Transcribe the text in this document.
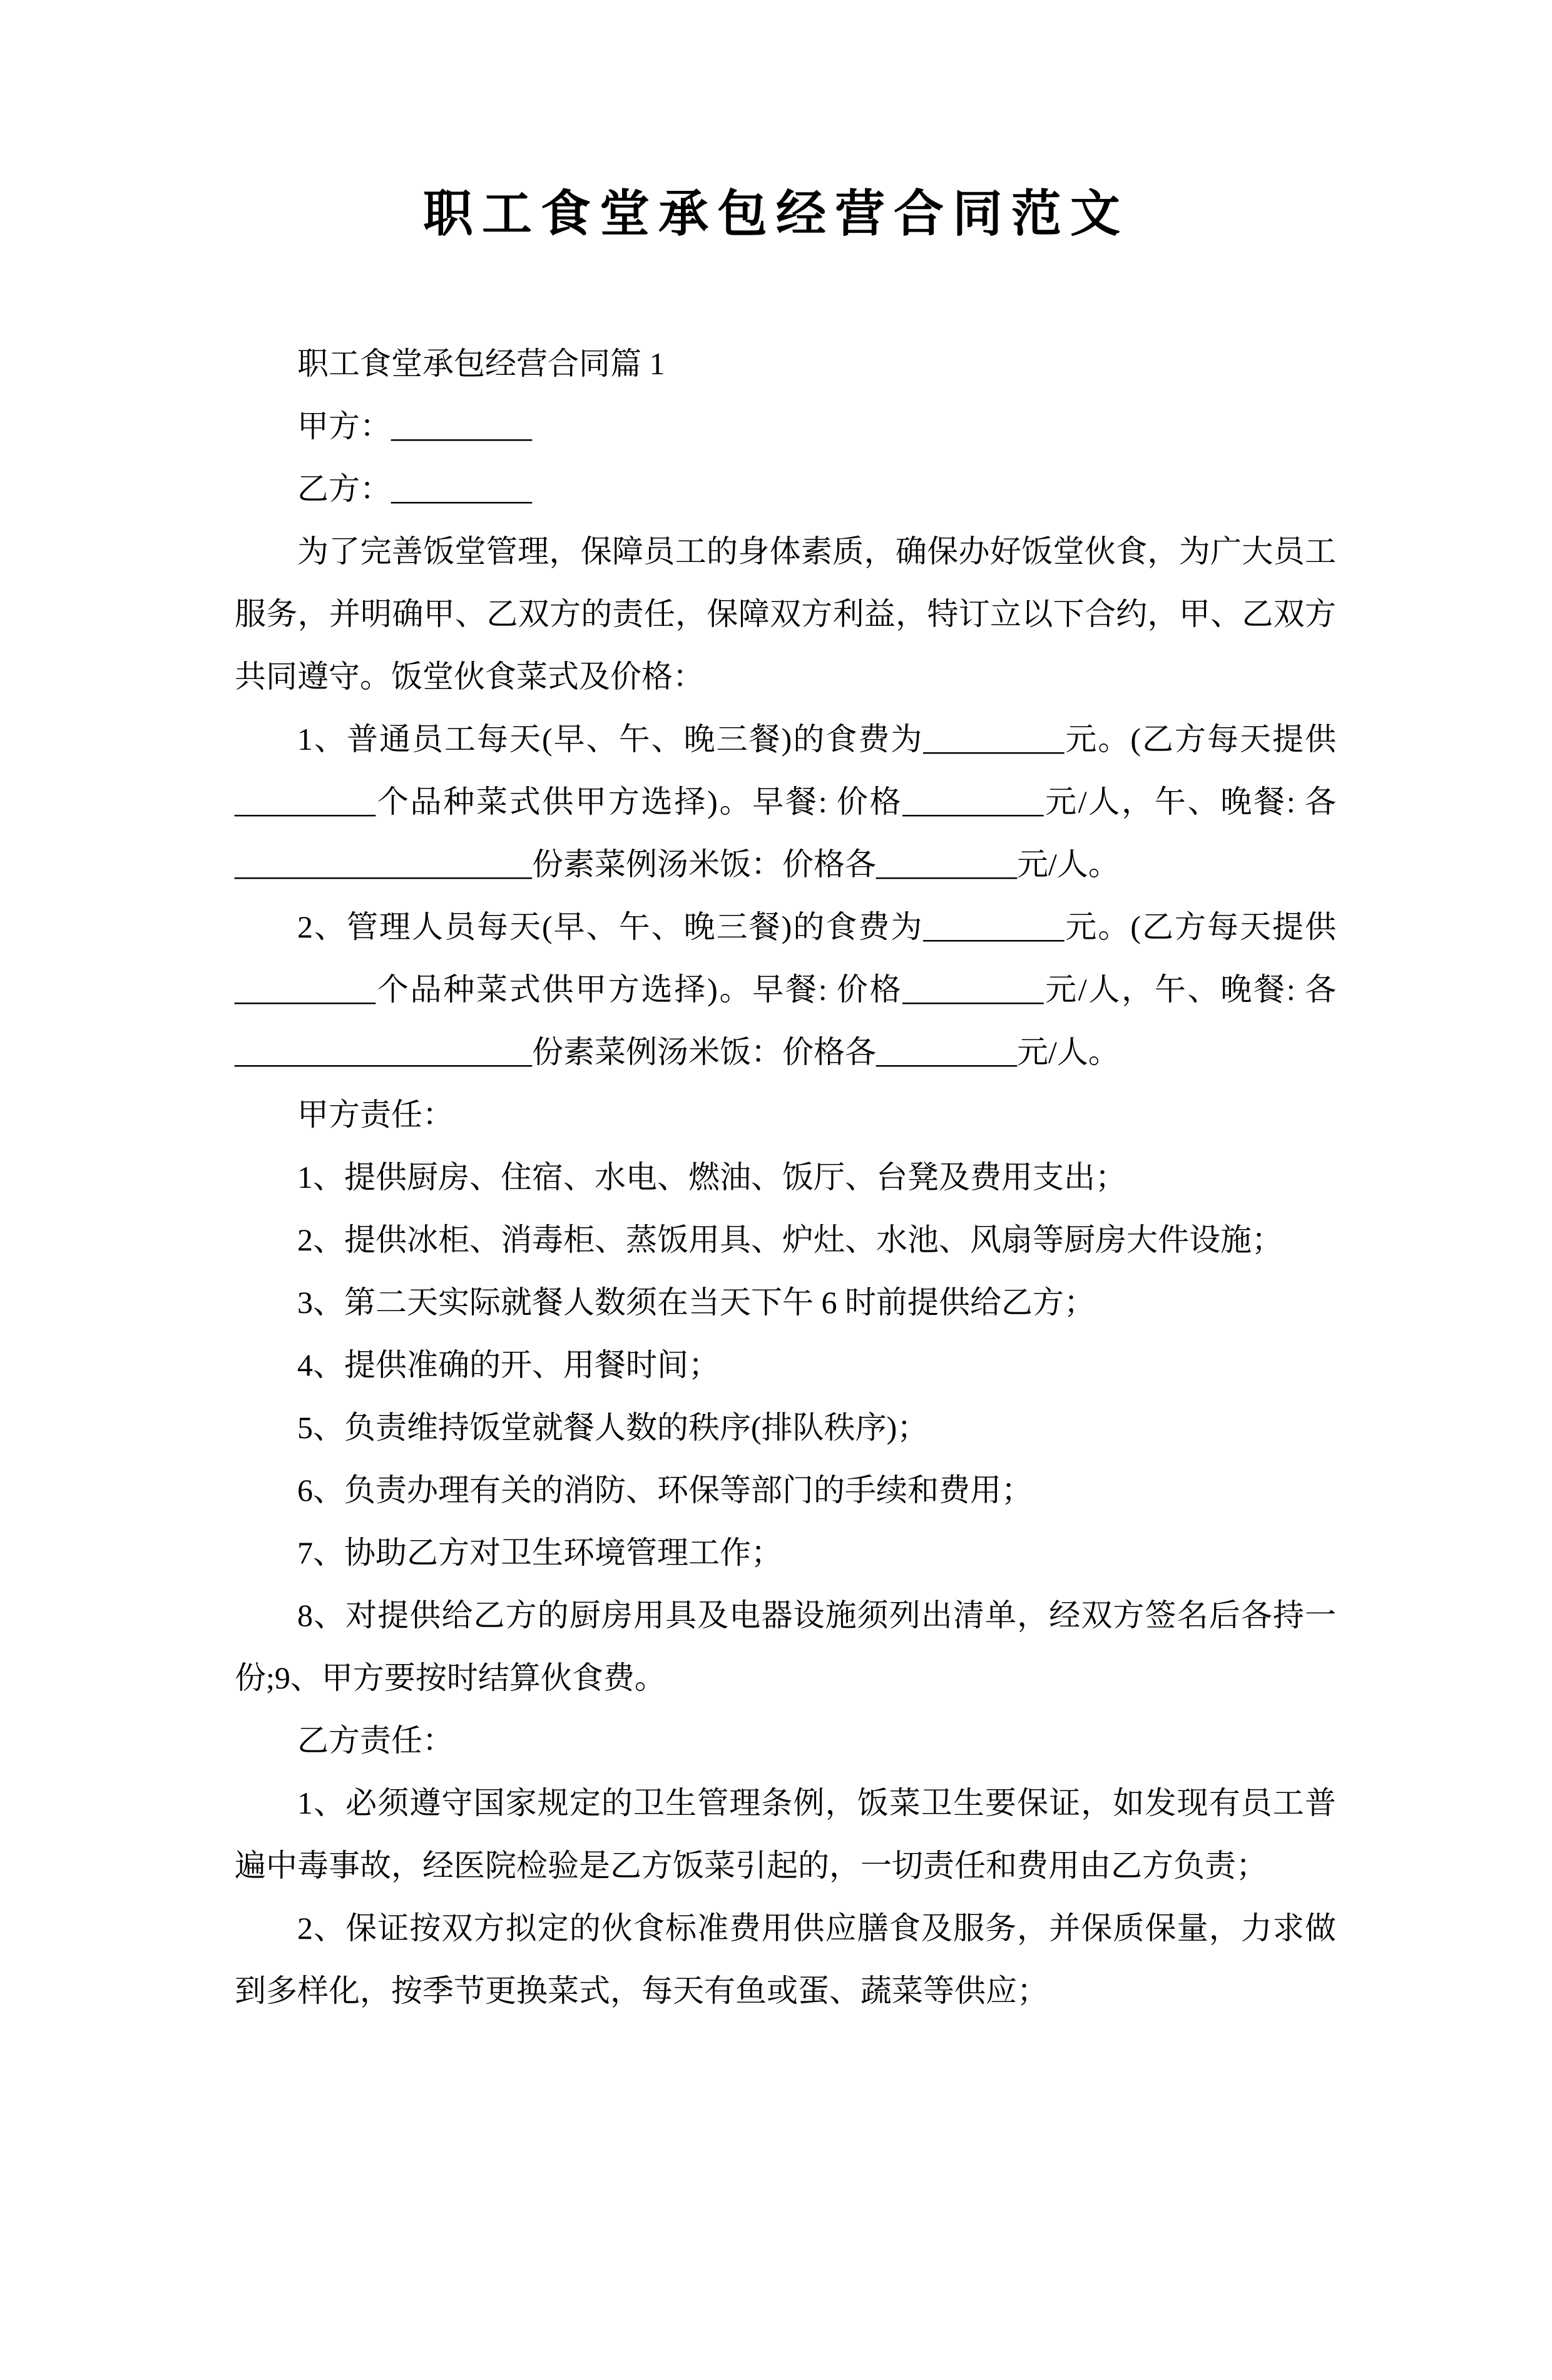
职工食堂承包经营合同范文

职工食堂承包经营合同篇 1

甲方：_________

乙方：_________

为了完善饭堂管理，保障员工的身体素质，确保办好饭堂伙食，为广大员工服务，并明确甲、乙双方的责任，保障双方利益，特订立以下合约，甲、乙双方共同遵守。饭堂伙食菜式及价格：

1、普通员工每天(早、午、晚三餐)的食费为_________元。(乙方每天提供_________个品种菜式供甲方选择)。早餐: 价格_________元/人，午、晚餐: 各___________________份素菜例汤米饭：价格各_________元/人。

2、管理人员每天(早、午、晚三餐)的食费为_________元。(乙方每天提供_________个品种菜式供甲方选择)。早餐: 价格_________元/人，午、晚餐: 各___________________份素菜例汤米饭：价格各_________元/人。

甲方责任：

1、提供厨房、住宿、水电、燃油、饭厅、台凳及费用支出；

2、提供冰柜、消毒柜、蒸饭用具、炉灶、水池、风扇等厨房大件设施；

3、第二天实际就餐人数须在当天下午 6 时前提供给乙方；

4、提供准确的开、用餐时间；

5、负责维持饭堂就餐人数的秩序(排队秩序)；

6、负责办理有关的消防、环保等部门的手续和费用；

7、协助乙方对卫生环境管理工作；

8、对提供给乙方的厨房用具及电器设施须列出清单，经双方签名后各持一份;9、甲方要按时结算伙食费。

乙方责任：

1、必须遵守国家规定的卫生管理条例，饭菜卫生要保证，如发现有员工普遍中毒事故，经医院检验是乙方饭菜引起的，一切责任和费用由乙方负责；

2、保证按双方拟定的伙食标准费用供应膳食及服务，并保质保量，力求做到多样化，按季节更换菜式，每天有鱼或蛋、蔬菜等供应；
